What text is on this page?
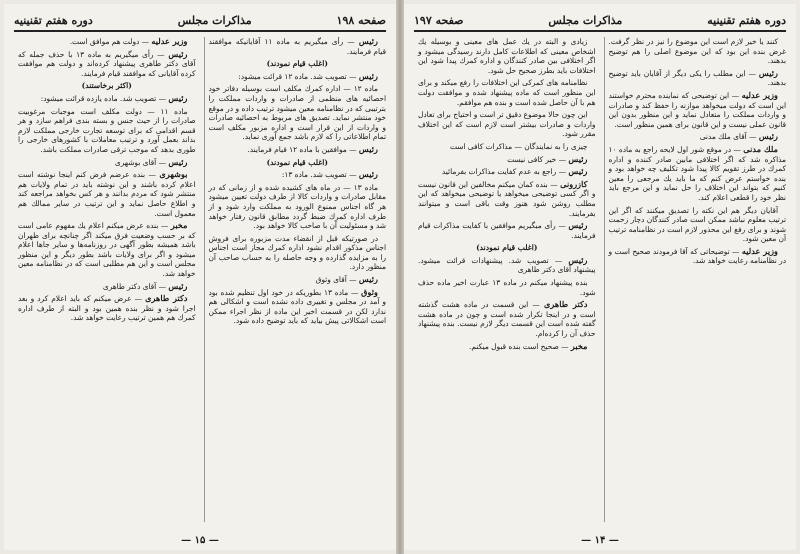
صفحه ۱۹۸
مذاكرات مجلس
دوره هفتم تقنينيه

رئيس — رأى ميگيريم به ماده ۱۱ آقايانيكه موافقند قيام فرمايند.

(اغلب قيام نمودند)

رئيس — تصويب شد. ماده ۱۲ قرائت ميشود:

ماده ۱۲ — اداره كمرك مكلف است بوسيله دفاتر خود احصائيه هاى منظمى از صادرات و واردات مملكت را بترتيبى كه در نظامنامه معين ميشود ترتيب داده و در موقع خود منتشر نمايد. تصديق هاى مربوط به احصائيه صادرات و واردات از اين قرار است و اداره مزبور مكلف است تمام اطلاعاتى را كه لازم باشد جمع آورى نمايد.

رئيس — موافقين با ماده ۱۲ قيام فرمايند.

(اغلب قيام نمودند)

رئيس — تصويب شد. ماده ۱۳:

ماده ۱۳ — در ماه هاى كشيده شده و از زمانى كه در مقابل صادرات و واردات كالا از طرف دولت تعيين ميشود هر گاه اجناس ممنوع الورود به مملكت وارد شود و از طرف اداره كمرك ضبط گردد مطابق قانون رفتار خواهد شد و مسئوليت آن با صاحب كالا خواهد بود.

در صورتيكه قبل از انقضاء مدت مزبوره براى فروش اجناس مذكور اقدام نشود اداره كمرك مجاز است اجناس را به مزايده گذارده و وجه حاصله را به حساب صاحب آن منظور دارد.

رئيس — آقاى وثوق

وثوق — ماده ۱۳ بطوريكه در خود اول تنظيم شده بود و آمد در مجلس و تغييرى داده نشده است و اشكالى هم ندارد لكن در قسمت اخير اين ماده از نظر اجراء ممكن است اشكالاتى پيش بيايد كه بايد توضيح داده شود.

وزير عدليه — دولت هم موافق است.

رئيس — رأى ميگيريم به ماده ۱۳ با حذف جمله كه آقاى دكتر طاهرى پيشنهاد كرده‌اند و دولت هم موافقت كرده آقايانى كه موافقند قيام فرمايند.

(اكثر برخاستند)

رئيس — تصويب شد. ماده يازده قرائت ميشود:

ماده ۱۱ — دولت مكلف است موجبات مرغوبيت صادرات را از حيث جنس و بسته بندى فراهم سازد و هر قسم اقدامى كه براى توسعه تجارت خارجى مملكت لازم بداند بعمل آورد و ترتيب معاملات با كشورهاى خارجى را طورى بدهد كه موجب ترقى صادرات مملكت باشد.

رئيس — آقاى بوشهرى

بوشهرى — بنده عرضم فرض كنم اينجا نوشته است اعلام كرده باشند و اين نوشته بايد در تمام ولايات هم منتشر شود كه مردم بدانند و هر كس بخواهد مراجعه كند و اطلاع حاصل نمايد و اين ترتيب در ساير ممالك هم معمول است.

مخبر — بنده عرض ميكنم اعلام يك مفهوم عامى است كه بر حسب وضعيت فرق ميكند اگر چنانچه براى طهران باشد هميشه بطور آگهى در روزنامه‌ها و ساير جاها اعلام ميشود و اگر براى ولايات باشد بطور ديگر و اين منظور مجلس است و اين هم مطلبى است كه در نظامنامه معين خواهد شد.

رئيس — آقاى دكتر طاهرى

دكتر طاهرى — عرض ميكنم كه بايد اعلام كرد و بعد اجرا شود و نظر بنده همين بود و البته از طرف اداره كمرك هم همين ترتيب رعايت خواهد شد.

— ۱۵ —
دوره هفتم تقنينيه
مذاكرات مجلس
صفحه ۱۹۷

كنند يا خير لازم است اين موضوع را نيز در نظر گرفت. غرض بنده اين بود كه اين موضوع اصلى را هم توضيح بدهند.

رئيس — اين مطلب را يكى ديگر از آقايان بايد توضيح بدهند.

وزير عدليه — اين توضيحى كه نماينده محترم خواستند اين است كه دولت ميخواهد موازنه را حفظ كند و صادرات و واردات مملكت را متعادل نمايد و اين منظور بدون اين قانون عملى نيست و اين قانون براى همين منظور است.

رئيس — آقاى ملك مدنى

ملك مدنى — در موقع شور اول لايحه راجع به ماده ۱۰ مذاكره شد كه اگر اختلافى مابين صادر كننده و اداره كمرك در طرز تقويم كالا پيدا شود تكليف چه خواهد بود و بنده خواستم عرض كنم كه ما بايد يك مرجعى را معين كنيم كه بتواند اين اختلاف را حل نمايد و اين مرجع بايد نظر خود را قطعى اعلام كند.

آقايان ديگر هم اين نكته را تصديق ميكنند كه اگر اين ترتيب معلوم نباشد ممكن است صادر كنندگان دچار زحمت شوند و براى رفع اين محذور لازم است در نظامنامه ترتيب آن معين شود.

وزير عدليه — توضيحاتى كه آقا فرمودند صحيح است و در نظامنامه رعايت خواهد شد.

زيادى و البته در يك عمل هاى معينى و بوسيله يك اشخاص معينى كه اطلاعات كامل دارند رسيدگى ميشود و اگر اختلافى بين صادر كنندگان و اداره كمرك پيدا شود اين اختلافات بايد بطرز صحيح حل شود.

نظامنامه هاى كمركى اين اختلافات را رفع ميكند و براى اين منظور است كه ماده پيشنهاد شده و موافقت دولت هم با آن حاصل شده است و بنده هم موافقم.

اين چون حالا موضوع دقيق تر است و احتياج براى تعادل واردات و صادرات بيشتر است لازم است كه اين اختلاف مقرر شود.

چيزى را به نمايندگان — مذاكرات كافى است

رئيس — خير كافى نيست

رئيس — راجع به عدم كفايت مذاكرات بفرمائيد

كازرونى — بنده كمان ميكنم مخالفين اين قانون نيست و اگر كسى توضيحى ميخواهد يا توضيحى ميخواهد كه اين مطلب روشن شود هنوز وقت باقى است و ميتوانند بفرمايند.

رئيس — رأى ميگيريم موافقين با كفايت مذاكرات قيام فرمايند.

(اغلب قيام نمودند)

رئيس — تصويب شد. پيشنهادات قرائت ميشود. پيشنهاد آقاى دكتر طاهرى

بنده پيشنهاد ميكنم در ماده ۱۳ عبارت اخير ماده حذف شود.

دكتر طاهرى — اين قسمت در ماده هشت گذشته است و در اينجا تكرار شده است و چون در ماده هشت گفته شده است اين قسمت ديگر لازم نيست. بنده پيشنهاد حذف آن را كرده‌ام.

مخبر — صحيح است بنده قبول ميكنم.

— ۱۴ —
